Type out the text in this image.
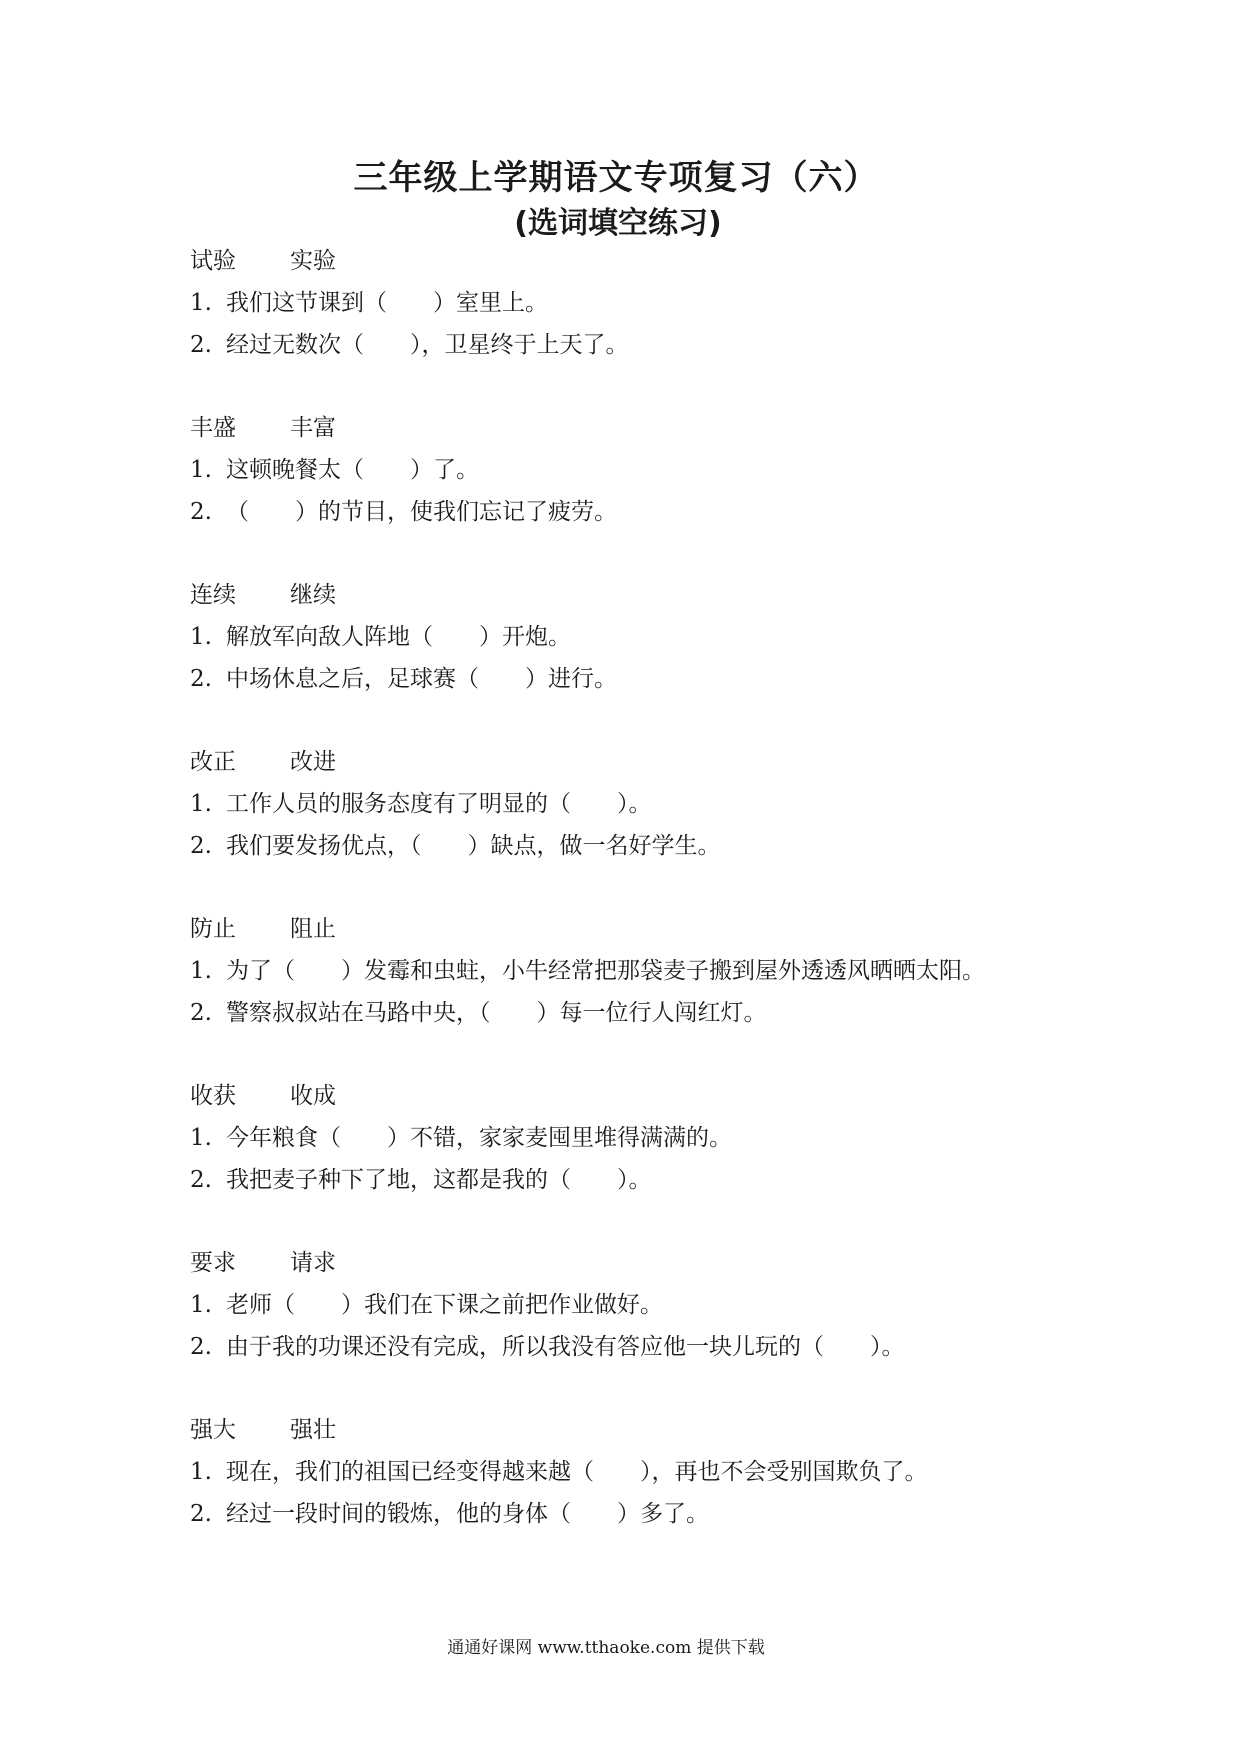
三年级上学期语文专项复习（六）
(选词填空练习)
试验 实验
1. 我们这节课到（　　）室里上。
2. 经过无数次（　　），卫星终于上天了。
丰盛 丰富
1. 这顿晚餐太（　　）了。
2. （　　）的节目，使我们忘记了疲劳。
连续 继续
1. 解放军向敌人阵地（　　）开炮。
2. 中场休息之后，足球赛（　　）进行。
改正 改进
1. 工作人员的服务态度有了明显的（　　）。
2. 我们要发扬优点，（　　）缺点，做一名好学生。
防止 阻止
1. 为了（　　）发霉和虫蛀，小牛经常把那袋麦子搬到屋外透透风晒晒太阳。
2. 警察叔叔站在马路中央，（　　）每一位行人闯红灯。
收获 收成
1. 今年粮食（　　）不错，家家麦囤里堆得满满的。
2. 我把麦子种下了地，这都是我的（　　）。
要求 请求
1. 老师（　　）我们在下课之前把作业做好。
2. 由于我的功课还没有完成，所以我没有答应他一块儿玩的（　　）。
强大 强壮
1. 现在，我们的祖国已经变得越来越（　　），再也不会受别国欺负了。
2. 经过一段时间的锻炼，他的身体（　　）多了。
通通好课网 www.tthaoke.com 提供下载
